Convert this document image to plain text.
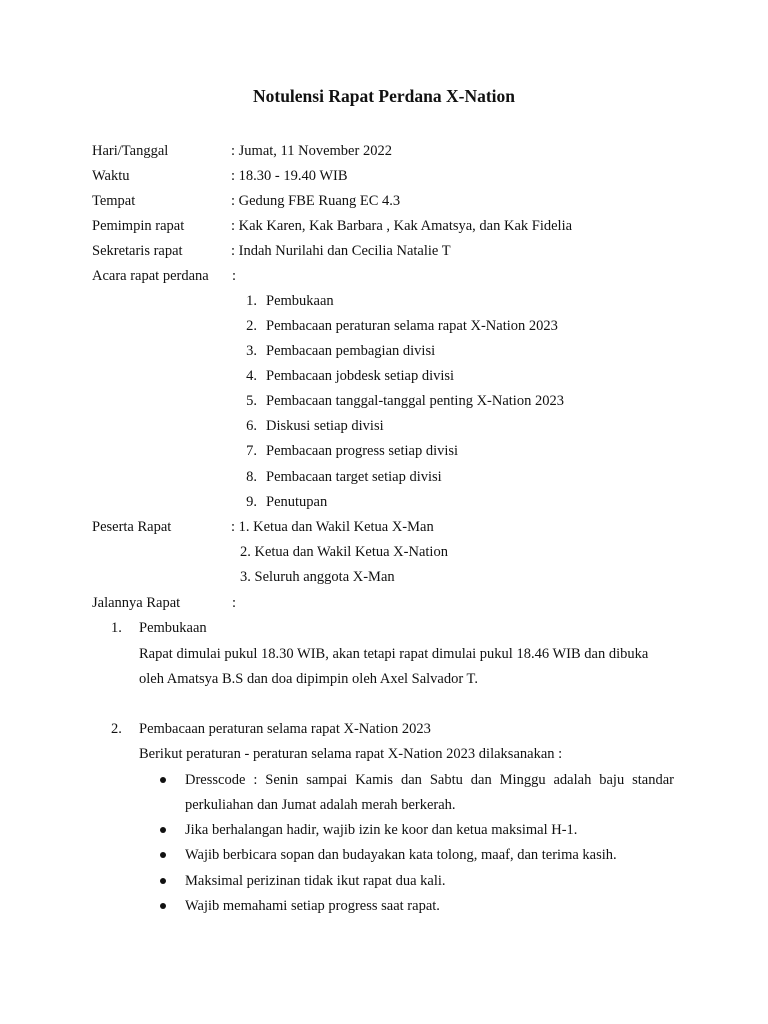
Notulensi Rapat Perdana X-Nation
Hari/Tanggal	: Jumat, 11 November 2022
Waktu	: 18.30 - 19.40 WIB
Tempat	: Gedung FBE Ruang EC 4.3
Pemimpin rapat	: Kak Karen, Kak Barbara , Kak Amatsya, dan Kak Fidelia
Sekretaris rapat	: Indah Nurilahi dan Cecilia Natalie T
Acara rapat perdana :
1. Pembukaan
2. Pembacaan peraturan selama rapat X-Nation 2023
3. Pembacaan pembagian divisi
4. Pembacaan jobdesk setiap divisi
5. Pembacaan tanggal-tanggal penting X-Nation 2023
6. Diskusi setiap divisi
7. Pembacaan progress setiap divisi
8. Pembacaan target setiap divisi
9. Penutupan
Peserta Rapat	: 1. Ketua dan Wakil Ketua X-Man
2. Ketua dan Wakil Ketua X-Nation
3. Seluruh anggota X-Man
Jalannya Rapat	:
1. Pembukaan
Rapat dimulai pukul 18.30 WIB, akan tetapi rapat dimulai pukul 18.46 WIB dan dibuka
oleh Amatsya B.S dan doa dipimpin oleh Axel Salvador T.
2. Pembacaan peraturan selama rapat X-Nation 2023
Berikut peraturan - peraturan selama rapat X-Nation 2023 dilaksanakan :
Dresscode : Senin sampai Kamis dan Sabtu dan Minggu adalah baju standar
perkuliahan dan Jumat adalah merah berkerah.
Jika berhalangan hadir, wajib izin ke koor dan ketua maksimal H-1.
Wajib berbicara sopan dan budayakan kata tolong, maaf, dan terima kasih.
Maksimal perizinan tidak ikut rapat dua kali.
Wajib memahami setiap progress saat rapat.
